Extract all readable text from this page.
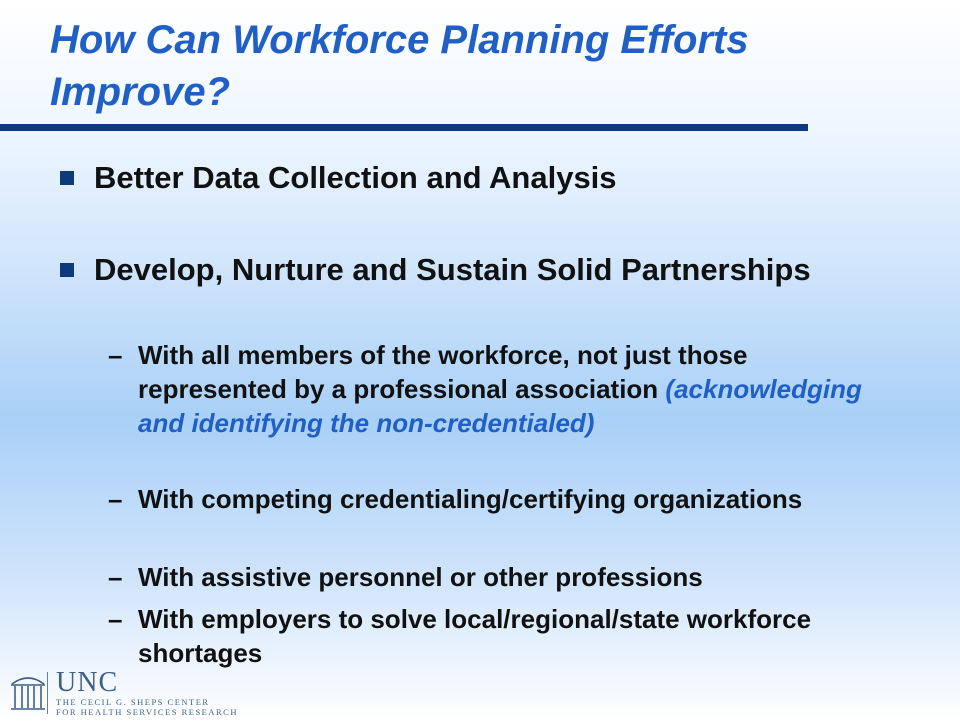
How Can Workforce Planning Efforts Improve?
Better Data Collection and Analysis
Develop, Nurture and Sustain Solid Partnerships
– With all members of the workforce, not just those represented by a professional association (acknowledging and identifying the non-credentialed)
– With competing credentialing/certifying organizations
– With assistive personnel or other professions
– With employers to solve local/regional/state workforce shortages
UNC
THE CECIL G. SHEPS CENTER
FOR HEALTH SERVICES RESEARCH
